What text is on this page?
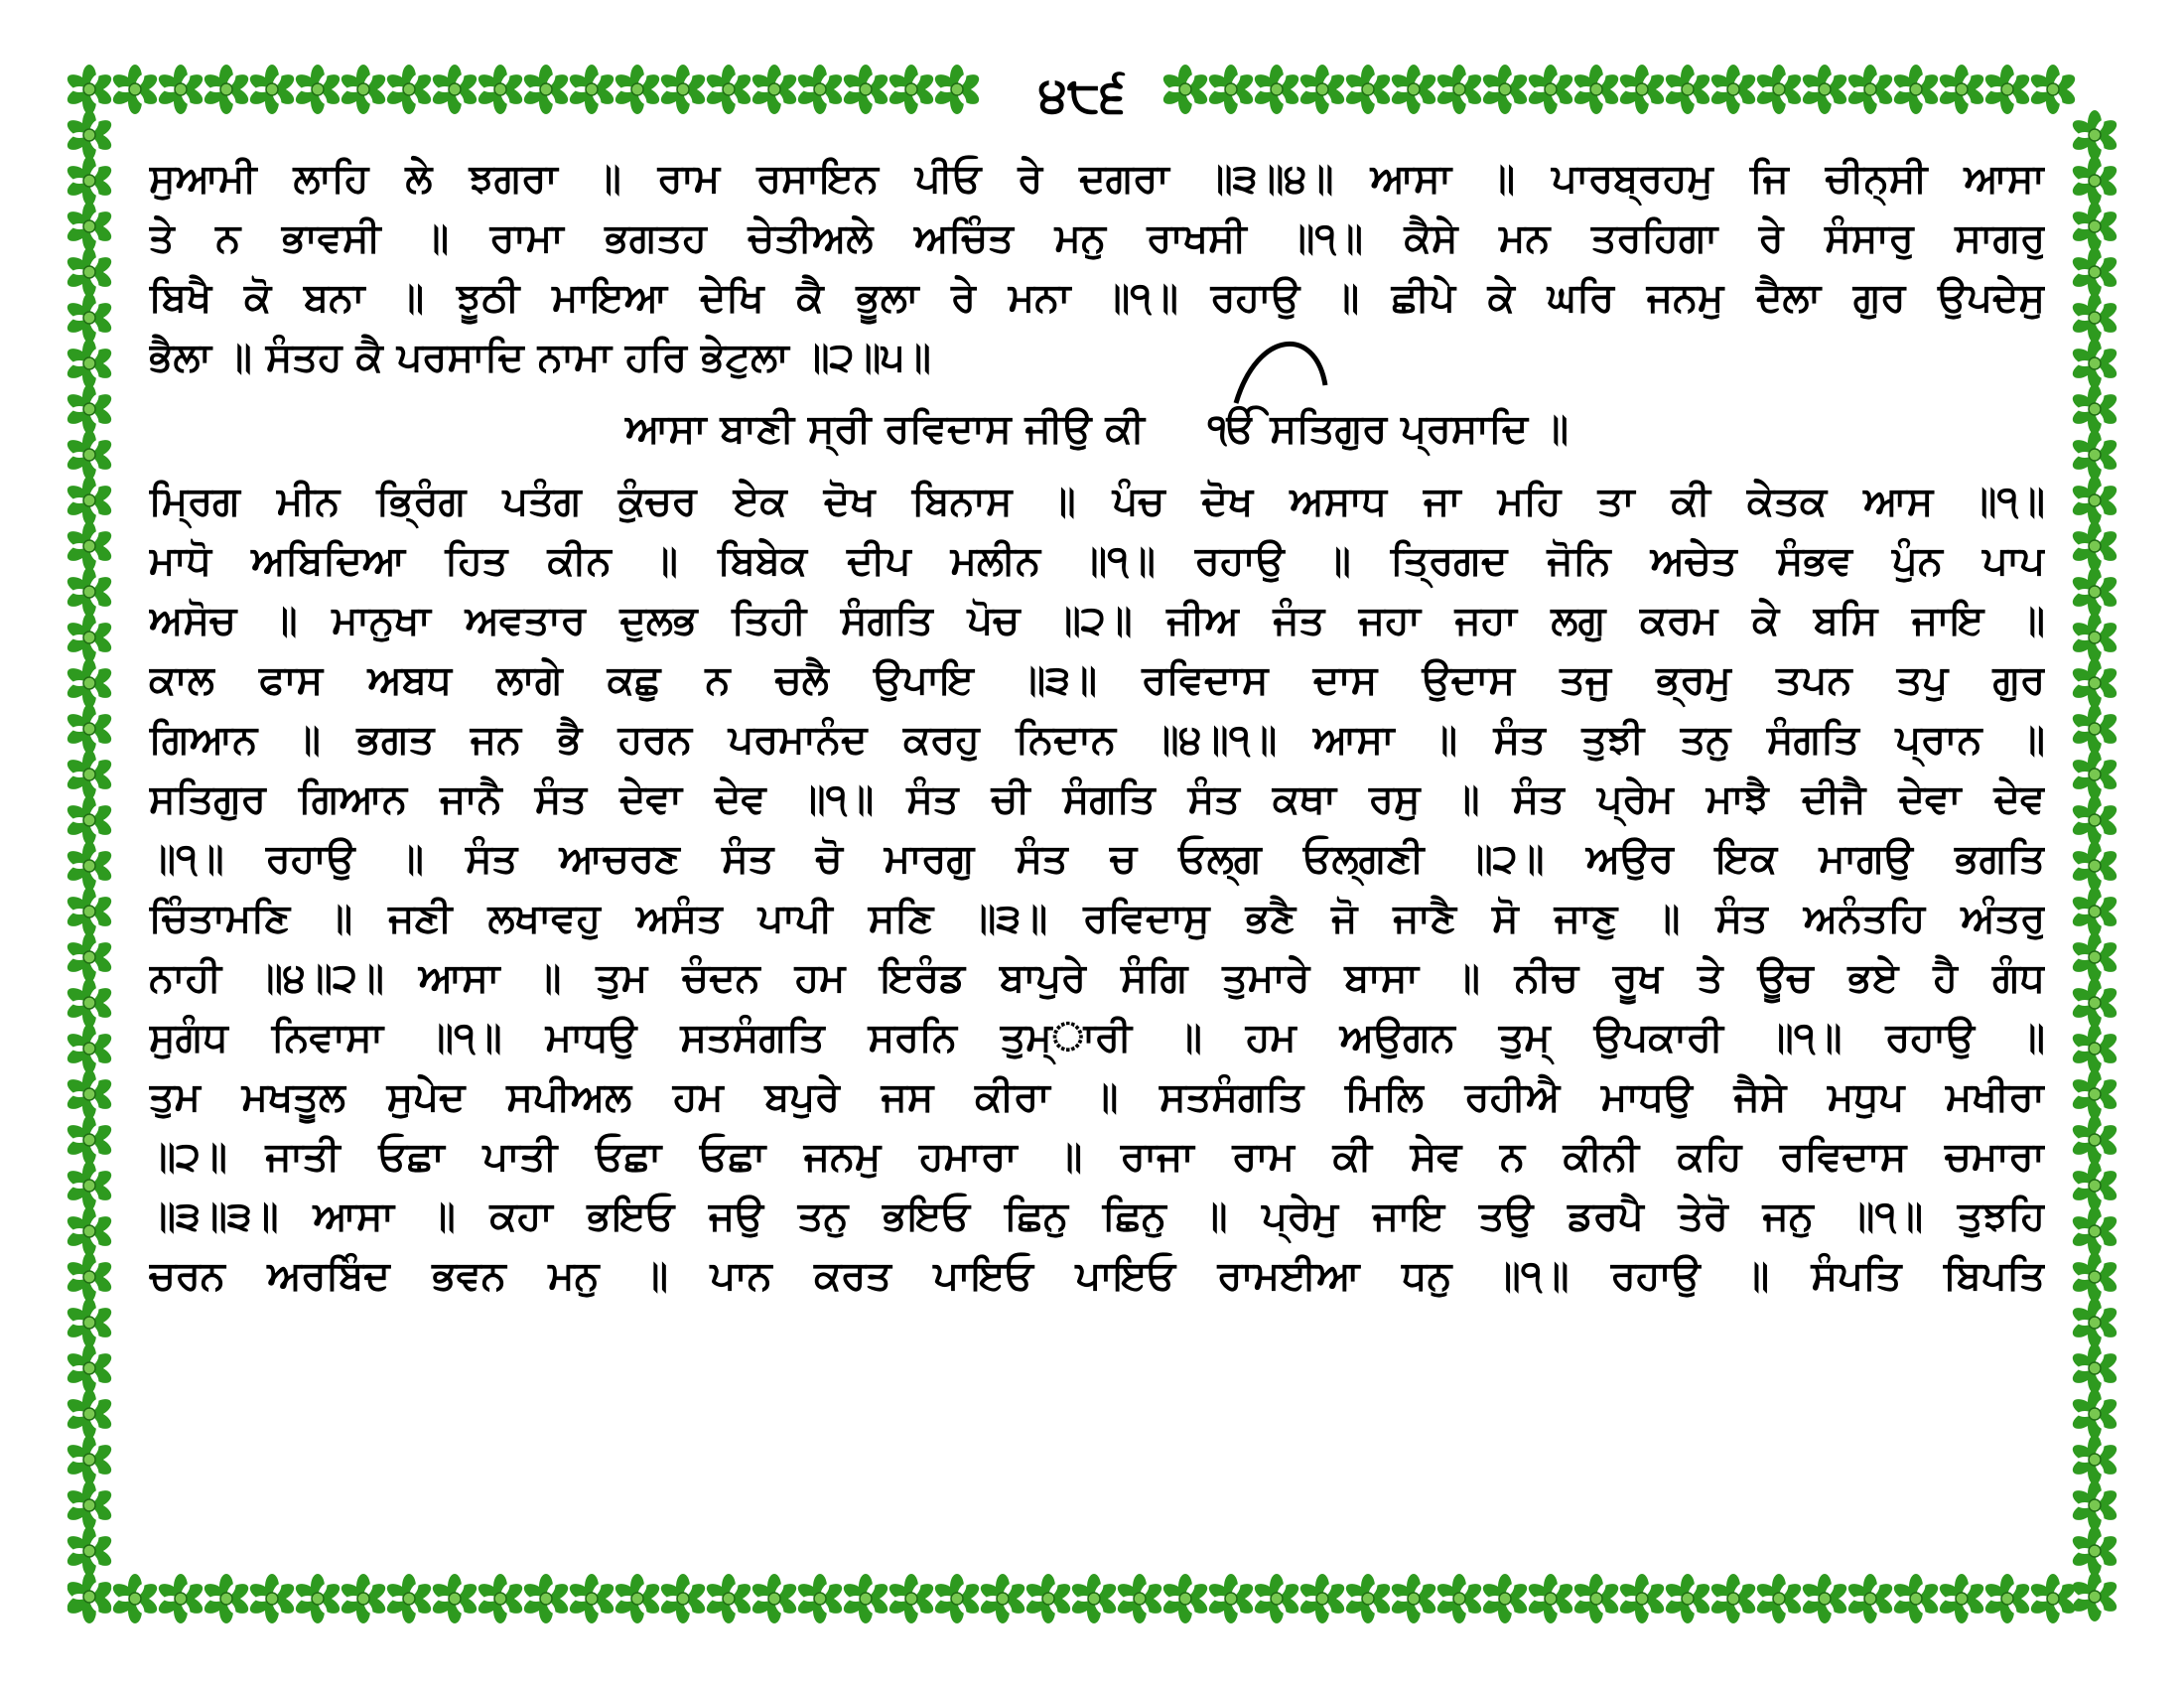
੪੮੬
ਸੁਆਮੀ ਲਾਹਿ ਲੇ ਝਗਰਾ ॥ ਰਾਮ ਰਸਾਇਨ ਪੀਓ ਰੇ ਦਗਰਾ ॥੩॥੪॥ ਆਸਾ ॥ ਪਾਰਬ੍ਰਹਮੁ ਜਿ ਚੀਨ੍ਸੀ ਆਸਾ
ਤੇ ਨ ਭਾਵਸੀ ॥ ਰਾਮਾ ਭਗਤਹ ਚੇਤੀਅਲੇ ਅਚਿੰਤ ਮਨੁ ਰਾਖਸੀ ॥੧॥ ਕੈਸੇ ਮਨ ਤਰਹਿਗਾ ਰੇ ਸੰਸਾਰੁ ਸਾਗਰੁ
ਬਿਖੈ ਕੋ ਬਨਾ ॥ ਝੂਠੀ ਮਾਇਆ ਦੇਖਿ ਕੈ ਭੂਲਾ ਰੇ ਮਨਾ ॥੧॥ ਰਹਾਉ ॥ ਛੀਪੇ ਕੇ ਘਰਿ ਜਨਮੁ ਦੈਲਾ ਗੁਰ ਉਪਦੇਸੁ
ਭੈਲਾ ॥ ਸੰਤਹ ਕੈ ਪਰਸਾਦਿ ਨਾਮਾ ਹਰਿ ਭੇਟੁਲਾ ॥੨॥੫॥
ਆਸਾ ਬਾਣੀ ਸ੍ਰੀ ਰਵਿਦਾਸ ਜੀਉ ਕੀ ੴ ਸਤਿਗੁਰ ਪ੍ਰਸਾਦਿ ॥
ਮ੍ਰਿਗ ਮੀਨ ਭ੍ਰਿੰਗ ਪਤੰਗ ਕੁੰਚਰ ਏਕ ਦੋਖ ਬਿਨਾਸ ॥ ਪੰਚ ਦੋਖ ਅਸਾਧ ਜਾ ਮਹਿ ਤਾ ਕੀ ਕੇਤਕ ਆਸ ॥੧॥
ਮਾਧੋ ਅਬਿਦਿਆ ਹਿਤ ਕੀਨ ॥ ਬਿਬੇਕ ਦੀਪ ਮਲੀਨ ॥੧॥ ਰਹਾਉ ॥ ਤ੍ਰਿਗਦ ਜੋਨਿ ਅਚੇਤ ਸੰਭਵ ਪੁੰਨ ਪਾਪ
ਅਸੋਚ ॥ ਮਾਨੁਖਾ ਅਵਤਾਰ ਦੁਲਭ ਤਿਹੀ ਸੰਗਤਿ ਪੋਚ ॥੨॥ ਜੀਅ ਜੰਤ ਜਹਾ ਜਹਾ ਲਗੁ ਕਰਮ ਕੇ ਬਸਿ ਜਾਇ ॥
ਕਾਲ ਫਾਸ ਅਬਧ ਲਾਗੇ ਕਛੁ ਨ ਚਲੈ ਉਪਾਇ ॥੩॥ ਰਵਿਦਾਸ ਦਾਸ ਉਦਾਸ ਤਜੁ ਭ੍ਰਮੁ ਤਪਨ ਤਪੁ ਗੁਰ
ਗਿਆਨ ॥ ਭਗਤ ਜਨ ਭੈ ਹਰਨ ਪਰਮਾਨੰਦ ਕਰਹੁ ਨਿਦਾਨ ॥੪॥੧॥ ਆਸਾ ॥ ਸੰਤ ਤੁਝੀ ਤਨੁ ਸੰਗਤਿ ਪ੍ਰਾਨ ॥
ਸਤਿਗੁਰ ਗਿਆਨ ਜਾਨੈ ਸੰਤ ਦੇਵਾ ਦੇਵ ॥੧॥ ਸੰਤ ਚੀ ਸੰਗਤਿ ਸੰਤ ਕਥਾ ਰਸੁ ॥ ਸੰਤ ਪ੍ਰੇਮ ਮਾਝੈ ਦੀਜੈ ਦੇਵਾ ਦੇਵ
॥੧॥ ਰਹਾਉ ॥ ਸੰਤ ਆਚਰਣ ਸੰਤ ਚੋ ਮਾਰਗੁ ਸੰਤ ਚ ਓਲ੍ਗ ਓਲ੍ਗਣੀ ॥੨॥ ਅਉਰ ਇਕ ਮਾਗਉ ਭਗਤਿ
ਚਿੰਤਾਮਣਿ ॥ ਜਣੀ ਲਖਾਵਹੁ ਅਸੰਤ ਪਾਪੀ ਸਣਿ ॥੩॥ ਰਵਿਦਾਸੁ ਭਣੈ ਜੋ ਜਾਣੈ ਸੋ ਜਾਣੁ ॥ ਸੰਤ ਅਨੰਤਹਿ ਅੰਤਰੁ
ਨਾਹੀ ॥੪॥੨॥ ਆਸਾ ॥ ਤੁਮ ਚੰਦਨ ਹਮ ਇਰੰਡ ਬਾਪੁਰੇ ਸੰਗਿ ਤੁਮਾਰੇ ਬਾਸਾ ॥ ਨੀਚ ਰੂਖ ਤੇ ਊਚ ਭਏ ਹੈ ਗੰਧ
ਸੁਗੰਧ ਨਿਵਾਸਾ ॥੧॥ ਮਾਧਉ ਸਤਸੰਗਤਿ ਸਰਨਿ ਤੁਮ੍ਾਰੀ ॥ ਹਮ ਅਉਗਨ ਤੁਮ੍ ਉਪਕਾਰੀ ॥੧॥ ਰਹਾਉ ॥
ਤੁਮ ਮਖਤੂਲ ਸੁਪੇਦ ਸਪੀਅਲ ਹਮ ਬਪੁਰੇ ਜਸ ਕੀਰਾ ॥ ਸਤਸੰਗਤਿ ਮਿਲਿ ਰਹੀਐ ਮਾਧਉ ਜੈਸੇ ਮਧੁਪ ਮਖੀਰਾ
॥੨॥ ਜਾਤੀ ਓਛਾ ਪਾਤੀ ਓਛਾ ਓਛਾ ਜਨਮੁ ਹਮਾਰਾ ॥ ਰਾਜਾ ਰਾਮ ਕੀ ਸੇਵ ਨ ਕੀਨੀ ਕਹਿ ਰਵਿਦਾਸ ਚਮਾਰਾ
॥੩॥੩॥ ਆਸਾ ॥ ਕਹਾ ਭਇਓ ਜਉ ਤਨੁ ਭਇਓ ਛਿਨੁ ਛਿਨੁ ॥ ਪ੍ਰੇਮੁ ਜਾਇ ਤਉ ਡਰਪੈ ਤੇਰੋ ਜਨੁ ॥੧॥ ਤੁਝਹਿ
ਚਰਨ ਅਰਬਿੰਦ ਭਵਨ ਮਨੁ ॥ ਪਾਨ ਕਰਤ ਪਾਇਓ ਪਾਇਓ ਰਾਮਈਆ ਧਨੁ ॥੧॥ ਰਹਾਉ ॥ ਸੰਪਤਿ ਬਿਪਤਿ
